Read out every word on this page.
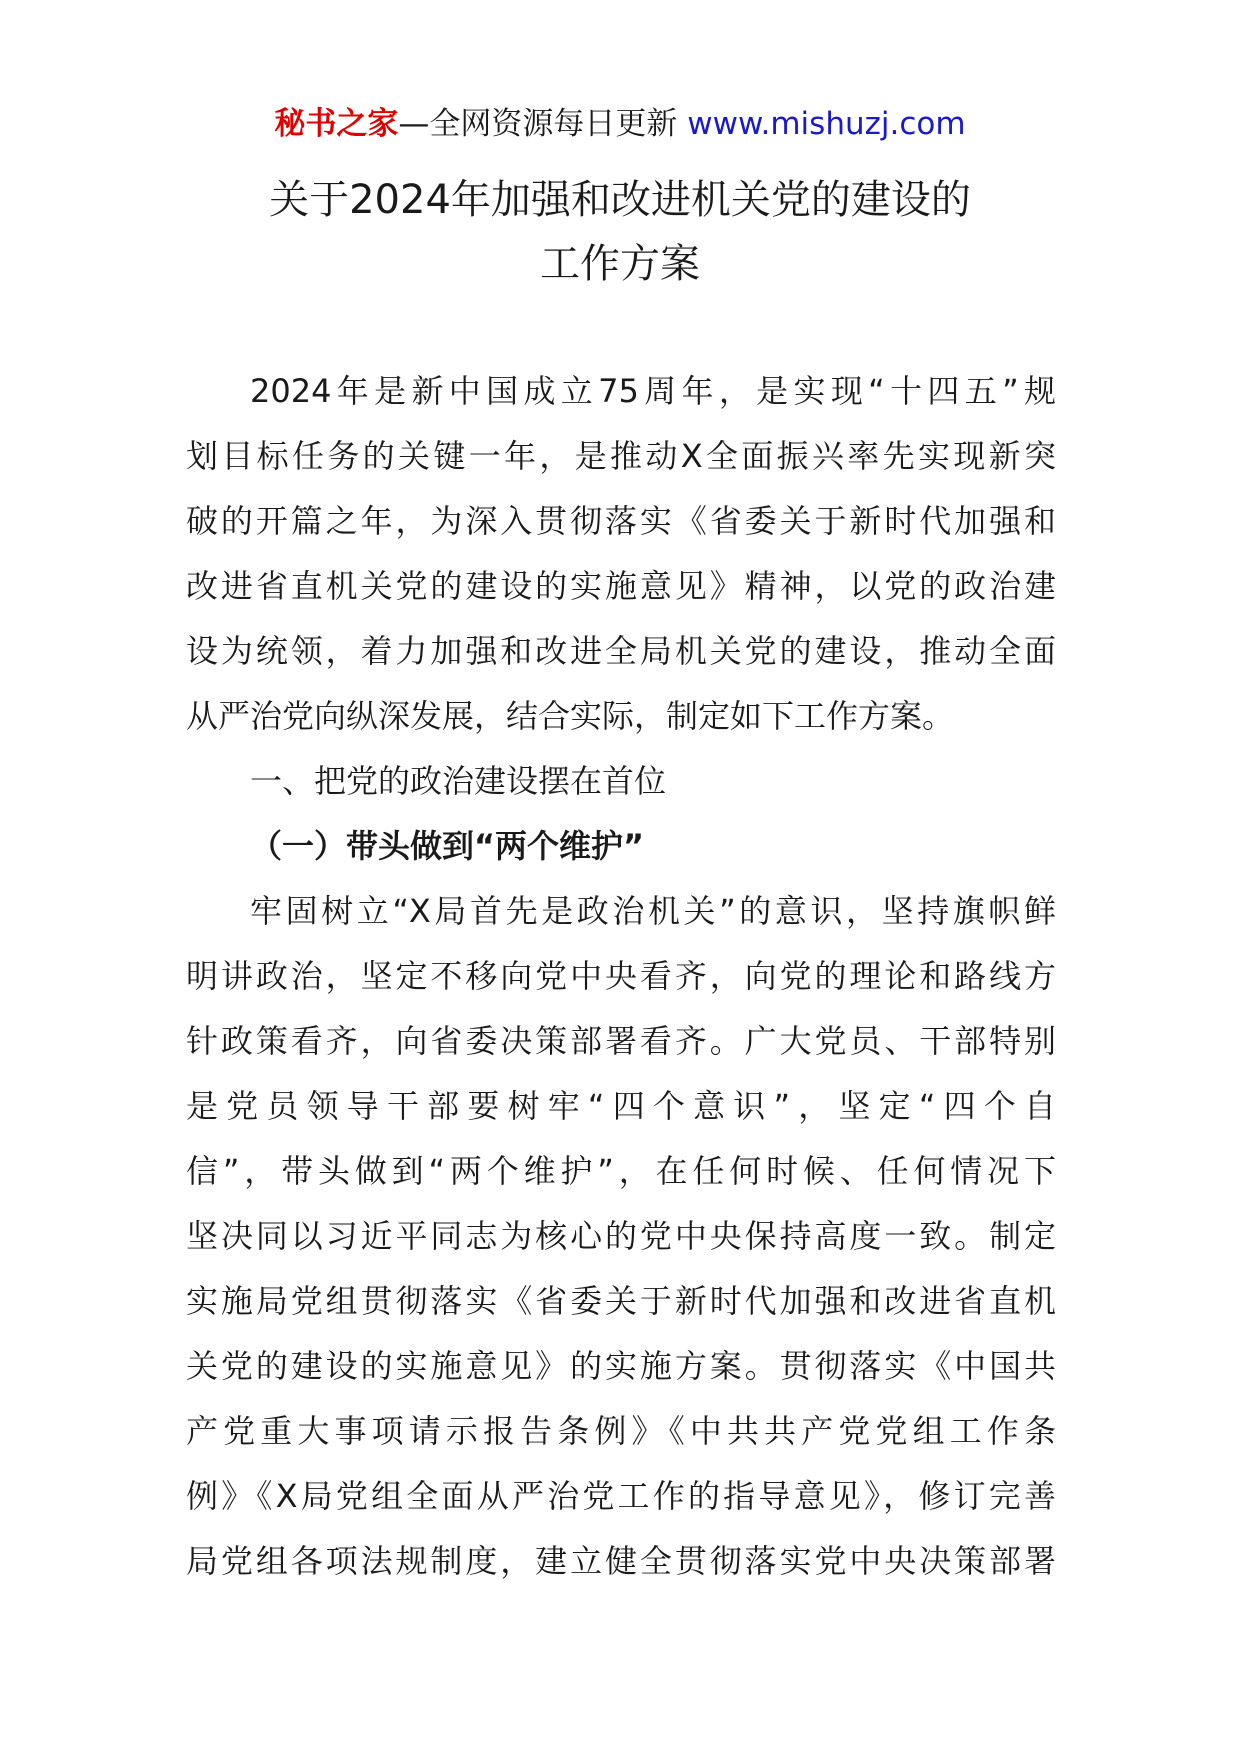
秘书之家—全网资源每日更新 www.mishuzj.com
关于2024年加强和改进机关党的建设的
工作方案

2024年是新中国成立75周年，是实现“十四五”规
划目标任务的关键一年，是推动X全面振兴率先实现新突
破的开篇之年，为深入贯彻落实《省委关于新时代加强和
改进省直机关党的建设的实施意见》精神，以党的政治建
设为统领，着力加强和改进全局机关党的建设，推动全面
从严治党向纵深发展，结合实际，制定如下工作方案。

一、把党的政治建设摆在首位

（一）带头做到“两个维护”

牢固树立“X局首先是政治机关”的意识，坚持旗帜鲜
明讲政治，坚定不移向党中央看齐，向党的理论和路线方
针政策看齐，向省委决策部署看齐。广大党员、干部特别
是党员领导干部要树牢“四个意识”，坚定“四个自
信”，带头做到“两个维护”，在任何时候、任何情况下
坚决同以习近平同志为核心的党中央保持高度一致。制定
实施局党组贯彻落实《省委关于新时代加强和改进省直机
关党的建设的实施意见》的实施方案。贯彻落实《中国共
产党重大事项请示报告条例》《中共共产党党组工作条
例》《X局党组全面从严治党工作的指导意见》，修订完善
局党组各项法规制度，建立健全贯彻落实党中央决策部署
